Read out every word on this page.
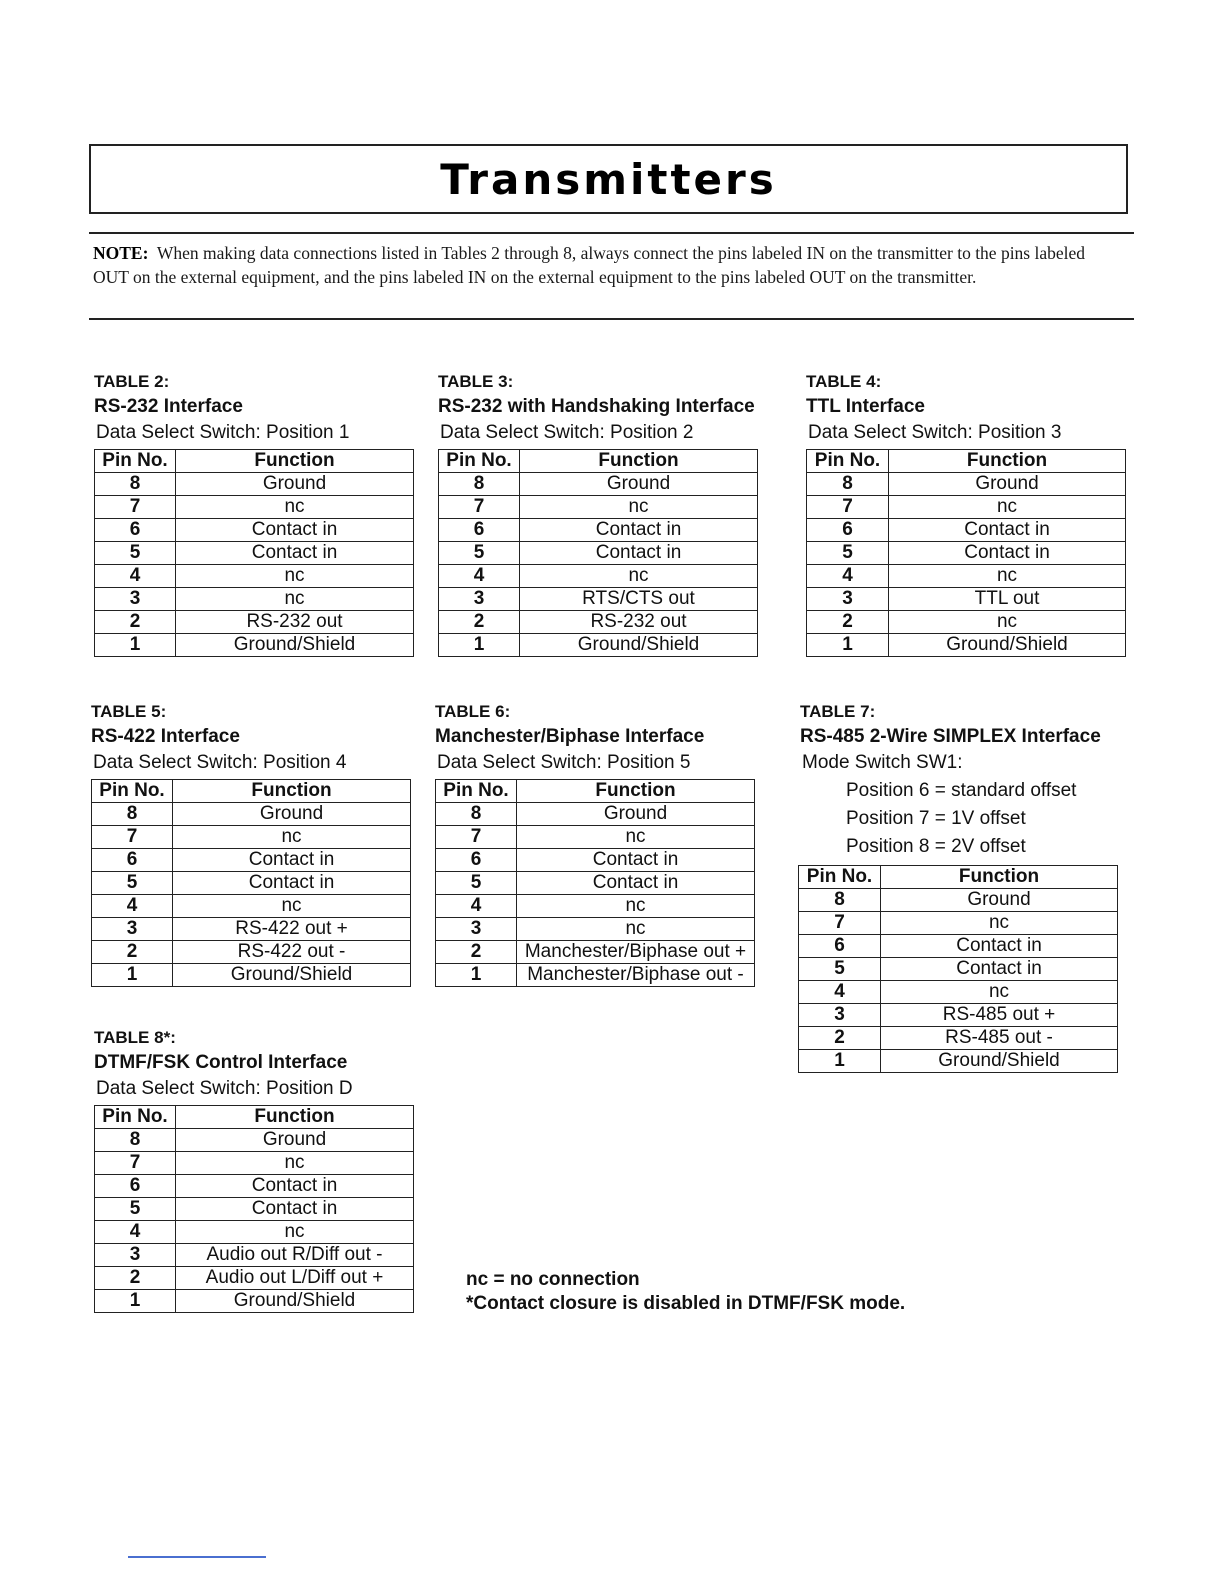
Transmitters
NOTE: When making data connections listed in Tables 2 through 8, always connect the pins labeled IN on the transmitter to the pins labeled OUT on the external equipment, and the pins labeled IN on the external equipment to the pins labeled OUT on the transmitter.
TABLE 2:
RS-232 Interface
Data Select Switch: Position 1
Pin No.	Function
8	Ground
7	nc
6	Contact in
5	Contact in
4	nc
3	nc
2	RS-232 out
1	Ground/Shield
TABLE 3:
RS-232 with Handshaking Interface
Data Select Switch: Position 2
Pin No.	Function
8	Ground
7	nc
6	Contact in
5	Contact in
4	nc
3	RTS/CTS out
2	RS-232 out
1	Ground/Shield
TABLE 4:
TTL Interface
Data Select Switch: Position 3
Pin No.	Function
8	Ground
7	nc
6	Contact in
5	Contact in
4	nc
3	TTL out
2	nc
1	Ground/Shield
TABLE 5:
RS-422 Interface
Data Select Switch: Position 4
Pin No.	Function
8	Ground
7	nc
6	Contact in
5	Contact in
4	nc
3	RS-422 out +
2	RS-422 out -
1	Ground/Shield
TABLE 6:
Manchester/Biphase Interface
Data Select Switch: Position 5
Pin No.	Function
8	Ground
7	nc
6	Contact in
5	Contact in
4	nc
3	nc
2	Manchester/Biphase out +
1	Manchester/Biphase out -
TABLE 7:
RS-485 2-Wire SIMPLEX Interface
Mode Switch SW1:
Position 6 = standard offset
Position 7 = 1V offset
Position 8 = 2V offset
Pin No.	Function
8	Ground
7	nc
6	Contact in
5	Contact in
4	nc
3	RS-485 out +
2	RS-485 out -
1	Ground/Shield
TABLE 8*:
DTMF/FSK Control Interface
Data Select Switch: Position D
Pin No.	Function
8	Ground
7	nc
6	Contact in
5	Contact in
4	nc
3	Audio out R/Diff out -
2	Audio out L/Diff out +
1	Ground/Shield
nc = no connection
*Contact closure is disabled in DTMF/FSK mode.
